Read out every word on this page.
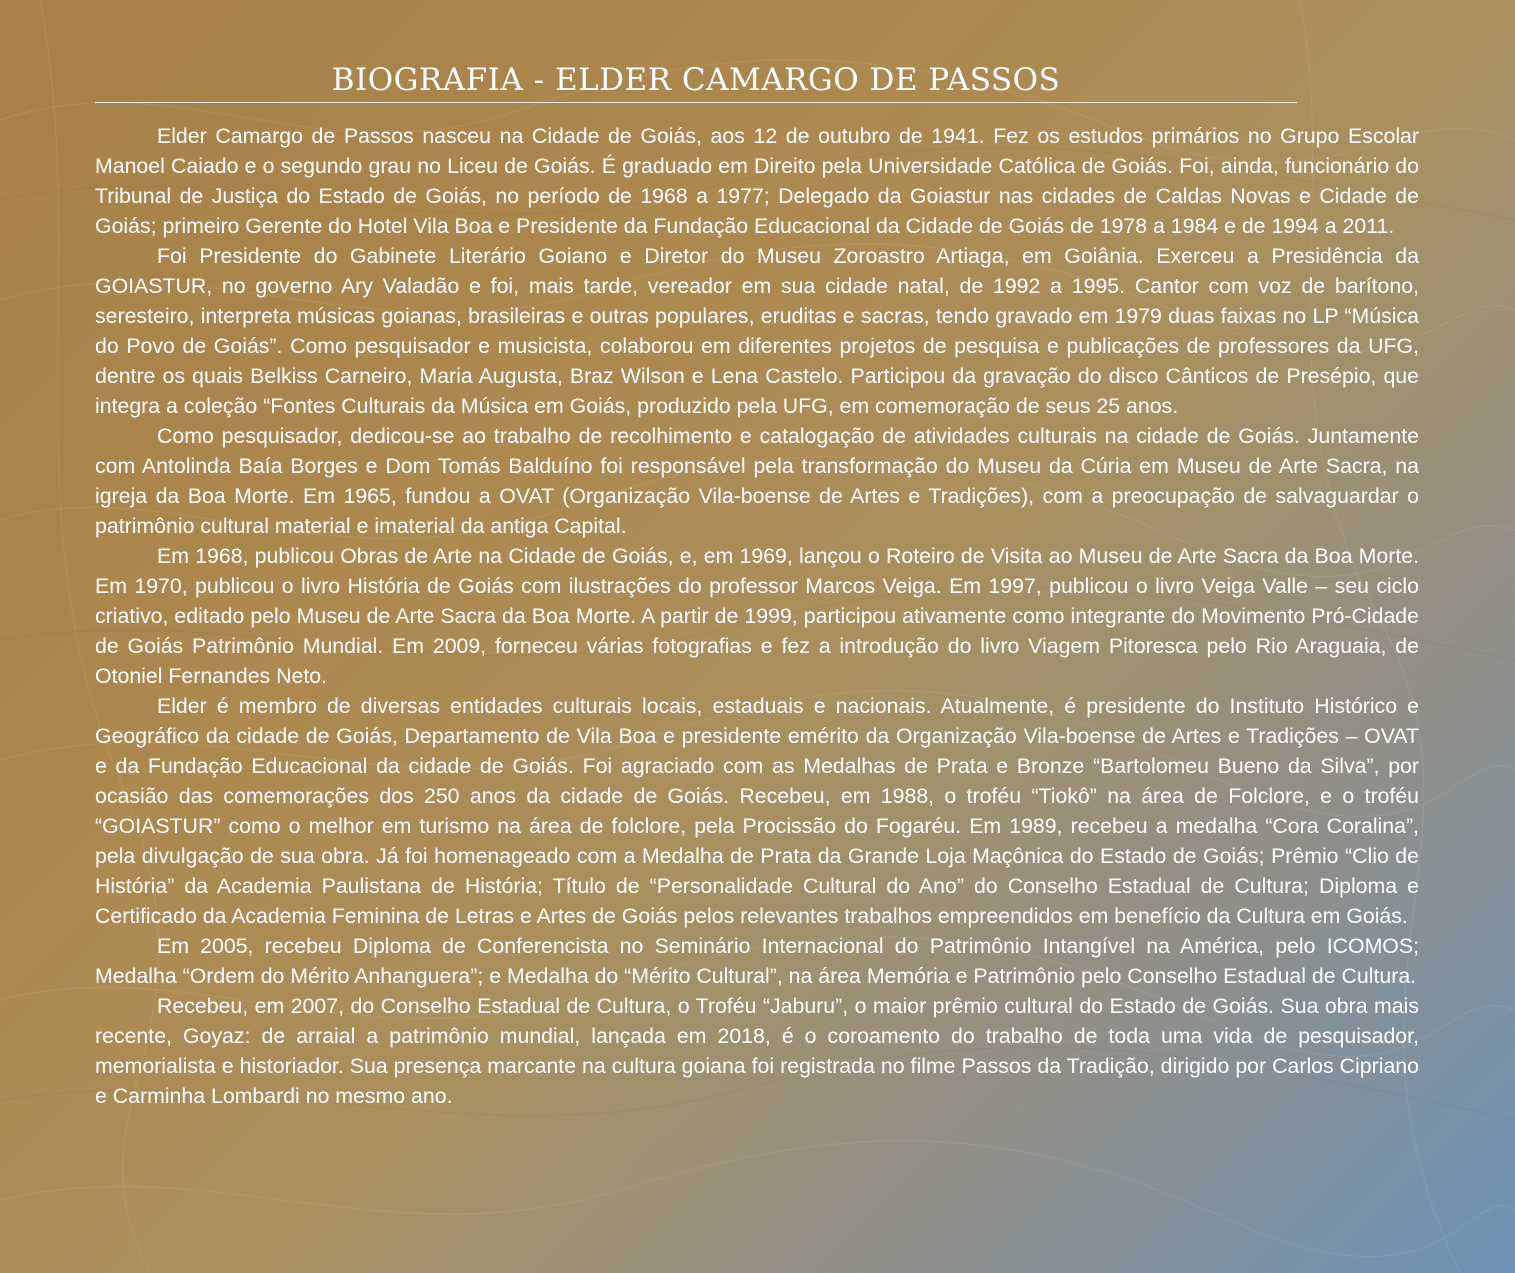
BIOGRAFIA - ELDER CAMARGO DE PASSOS

Elder Camargo de Passos nasceu na Cidade de Goiás, aos 12 de outubro de 1941. Fez os estudos primários no Grupo Escolar Manoel Caiado e o segundo grau no Liceu de Goiás. É graduado em Direito pela Universidade Católica de Goiás. Foi, ainda, funcionário do Tribunal de Justiça do Estado de Goiás, no período de 1968 a 1977; Delegado da Goiastur nas cidades de Caldas Novas e Cidade de Goiás; primeiro Gerente do Hotel Vila Boa e Presidente da Fundação Educacional da Cidade de Goiás de 1978 a 1984 e de 1994 a 2011.

Foi Presidente do Gabinete Literário Goiano e Diretor do Museu Zoroastro Artiaga, em Goiânia. Exerceu a Presidência da GOIASTUR, no governo Ary Valadão e foi, mais tarde, vereador em sua cidade natal, de 1992 a 1995. Cantor com voz de barítono, seresteiro, interpreta músicas goianas, brasileiras e outras populares, eruditas e sacras, tendo gravado em 1979 duas faixas no LP “Música do Povo de Goiás”. Como pesquisador e musicista, colaborou em diferentes projetos de pesquisa e publicações de professores da UFG, dentre os quais Belkiss Carneiro, Maria Augusta, Braz Wilson e Lena Castelo. Participou da gravação do disco Cânticos de Presépio, que integra a coleção “Fontes Culturais da Música em Goiás, produzido pela UFG, em comemoração de seus 25 anos.

Como pesquisador, dedicou-se ao trabalho de recolhimento e catalogação de atividades culturais na cidade de Goiás. Juntamente com Antolinda Baía Borges e Dom Tomás Balduíno foi responsável pela transformação do Museu da Cúria em Museu de Arte Sacra, na igreja da Boa Morte. Em 1965, fundou a OVAT (Organização Vila-boense de Artes e Tradições), com a preocupação de salvaguardar o patrimônio cultural material e imaterial da antiga Capital.

Em 1968, publicou Obras de Arte na Cidade de Goiás, e, em 1969, lançou o Roteiro de Visita ao Museu de Arte Sacra da Boa Morte. Em 1970, publicou o livro História de Goiás com ilustrações do professor Marcos Veiga. Em 1997, publicou o livro Veiga Valle – seu ciclo criativo, editado pelo Museu de Arte Sacra da Boa Morte. A partir de 1999, participou ativamente como integrante do Movimento Pró-Cidade de Goiás Patrimônio Mundial. Em 2009, forneceu várias fotografias e fez a introdução do livro Viagem Pitoresca pelo Rio Araguaia, de Otoniel Fernandes Neto.

Elder é membro de diversas entidades culturais locais, estaduais e nacionais. Atualmente, é presidente do Instituto Histórico e Geográfico da cidade de Goiás, Departamento de Vila Boa e presidente emérito da Organização Vila-boense de Artes e Tradições – OVAT e da Fundação Educacional da cidade de Goiás. Foi agraciado com as Medalhas de Prata e Bronze “Bartolomeu Bueno da Silva”, por ocasião das comemorações dos 250 anos da cidade de Goiás. Recebeu, em 1988, o troféu “Tiokô” na área de Folclore, e o troféu “GOIASTUR” como o melhor em turismo na área de folclore, pela Procissão do Fogaréu. Em 1989, recebeu a medalha “Cora Coralina”, pela divulgação de sua obra. Já foi homenageado com a Medalha de Prata da Grande Loja Maçônica do Estado de Goiás; Prêmio “Clio de História” da Academia Paulistana de História; Título de “Personalidade Cultural do Ano” do Conselho Estadual de Cultura; Diploma e Certificado da Academia Feminina de Letras e Artes de Goiás pelos relevantes trabalhos empreendidos em benefício da Cultura em Goiás.

Em 2005, recebeu Diploma de Conferencista no Seminário Internacional do Patrimônio Intangível na América, pelo ICOMOS; Medalha “Ordem do Mérito Anhanguera”; e Medalha do “Mérito Cultural”, na área Memória e Patrimônio pelo Conselho Estadual de Cultura.

Recebeu, em 2007, do Conselho Estadual de Cultura, o Troféu “Jaburu”, o maior prêmio cultural do Estado de Goiás. Sua obra mais recente, Goyaz: de arraial a patrimônio mundial, lançada em 2018, é o coroamento do trabalho de toda uma vida de pesquisador, memorialista e historiador. Sua presença marcante na cultura goiana foi registrada no filme Passos da Tradição, dirigido por Carlos Cipriano e Carminha Lombardi no mesmo ano.
